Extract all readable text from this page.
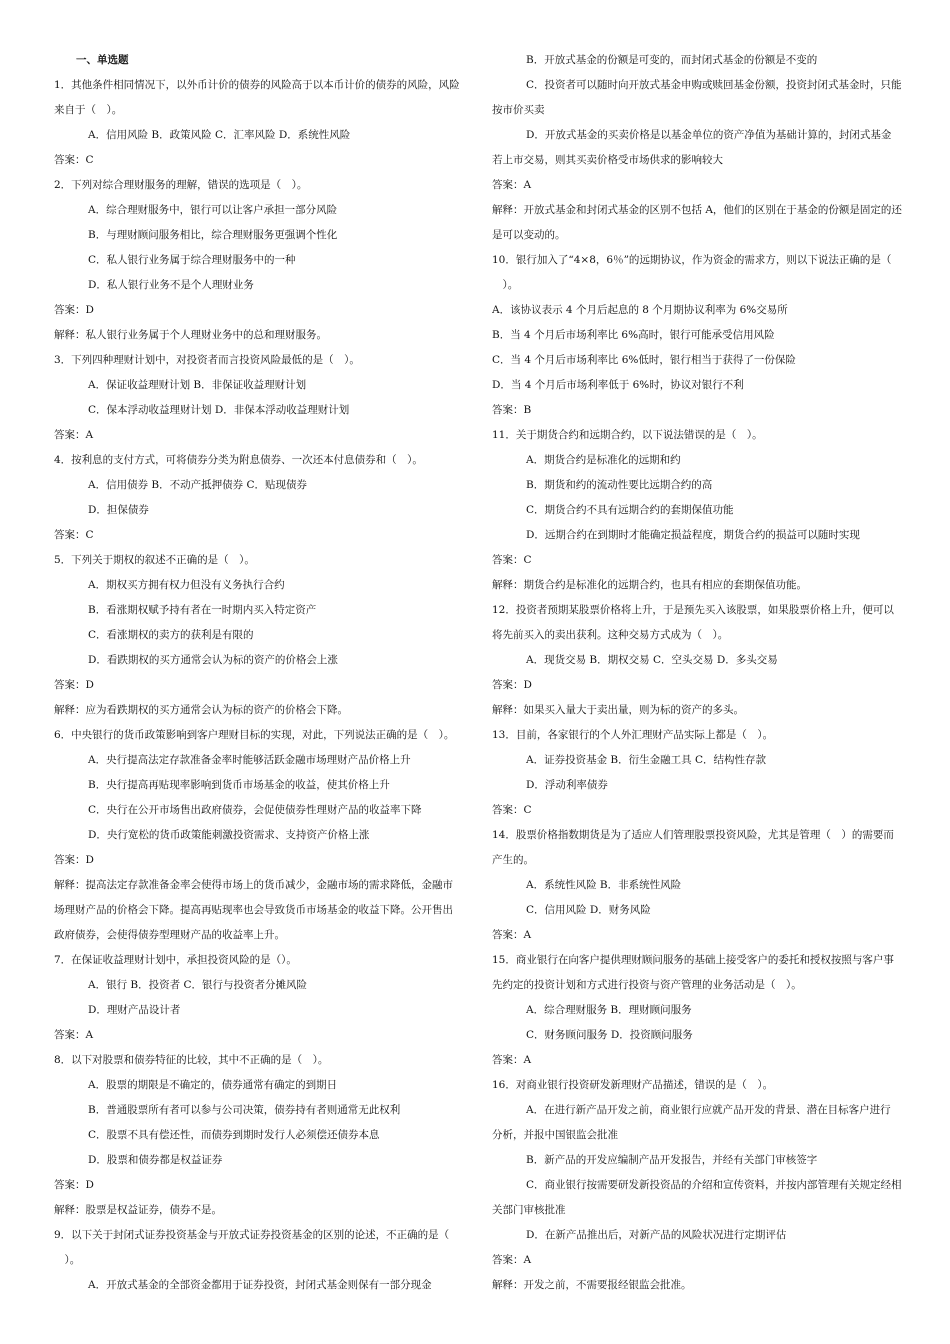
一、单选题
1．其他条件相同情况下，以外币计价的债券的风险高于以本币计价的债券的风险，风险
来自于（　）。
A．信用风险 B．政策风险 C．汇率风险 D．系统性风险
答案：C
2．下列对综合理财服务的理解，错误的选项是（　）。
A．综合理财服务中，银行可以让客户承担一部分风险
B．与理财顾问服务相比，综合理财服务更强调个性化
C．私人银行业务属于综合理财服务中的一种
D．私人银行业务不是个人理财业务
答案：D
解释：私人银行业务属于个人理财业务中的总和理财服务。
3．下列四种理财计划中，对投资者而言投资风险最低的是（　）。
A．保证收益理财计划 B．非保证收益理财计划
C．保本浮动收益理财计划 D．非保本浮动收益理财计划
答案：A
4．按利息的支付方式，可将债券分类为附息债券、一次还本付息债券和（　）。
A．信用债券 B．不动产抵押债券 C．贴现债券
D．担保债券
答案：C
5．下列关于期权的叙述不正确的是（　）。
A．期权买方拥有权力但没有义务执行合约
B．看涨期权赋予持有者在一时期内买入特定资产
C．看涨期权的卖方的获利是有限的
D．看跌期权的买方通常会认为标的资产的价格会上涨
答案：D
解释：应为看跌期权的买方通常会认为标的资产的价格会下降。
6．中央银行的货币政策影响到客户理财目标的实现，对此，下列说法正确的是（　）。
A．央行提高法定存款准备金率时能够活跃金融市场理财产品价格上升
B．央行提高再贴现率影响到货币市场基金的收益，使其价格上升
C．央行在公开市场售出政府债券，会促使债券性理财产品的收益率下降
D．央行宽松的货币政策能刺激投资需求、支持资产价格上涨
答案：D
解释：提高法定存款准备金率会使得市场上的货币减少，金融市场的需求降低，金融市
场理财产品的价格会下降。提高再贴现率也会导致货币市场基金的收益下降。公开售出
政府债券，会使得债券型理财产品的收益率上升。
7．在保证收益理财计划中，承担投资风险的是（）。
A．银行 B．投资者 C．银行与投资者分摊风险
D．理财产品设计者
答案：A
8．以下对股票和债券特征的比较，其中不正确的是（　）。
A．股票的期限是不确定的，债券通常有确定的到期日
B．普通股票所有者可以参与公司决策，债券持有者则通常无此权利
C．股票不具有偿还性，而债券到期时发行人必须偿还债券本息
D．股票和债券都是权益证券
答案：D
解释：股票是权益证券，债券不是。
9．以下关于封闭式证券投资基金与开放式证券投资基金的区别的论述，不正确的是（
　）。
A．开放式基金的全部资金都用于证券投资，封闭式基金则保有一部分现金
B．开放式基金的份额是可变的，而封闭式基金的份额是不变的
C．投资者可以随时向开放式基金申购或赎回基金份额，投资封闭式基金时，只能
按市价买卖
D．开放式基金的买卖价格是以基金单位的资产净值为基础计算的，封闭式基金
若上市交易，则其买卖价格受市场供求的影响较大
答案：A
解释：开放式基金和封闭式基金的区别不包括 A，他们的区别在于基金的份额是固定的还
是可以变动的。
10．银行加入了“4×8，6％”的远期协议，作为资金的需求方，则以下说法正确的是（
　）。
A．该协议表示 4 个月后起息的 8 个月期协议利率为 6%交易所
B．当 4 个月后市场利率比 6%高时，银行可能承受信用风险
C．当 4 个月后市场利率比 6%低时，银行相当于获得了一份保险
D．当 4 个月后市场利率低于 6%时，协议对银行不利
答案：B
11．关于期货合约和远期合约，以下说法错误的是（　）。
A．期货合约是标准化的远期和约
B．期货和约的流动性要比远期合约的高
C．期货合约不具有远期合约的套期保值功能
D．远期合约在到期时才能确定损益程度，期货合约的损益可以随时实现
答案：C
解释：期货合约是标准化的远期合约，也具有相应的套期保值功能。
12．投资者预期某股票价格将上升，于是预先买入该股票，如果股票价格上升，便可以
将先前买入的卖出获利。这种交易方式成为（　）。
A．现货交易 B．期权交易 C．空头交易 D．多头交易
答案：D
解释：如果买入量大于卖出量，则为标的资产的多头。
13．目前，各家银行的个人外汇理财产品实际上都是（　）。
A．证券投资基金 B．衍生金融工具 C．结构性存款
D．浮动利率债券
答案：C
14．股票价格指数期货是为了适应人们管理股票投资风险，尤其是管理（　）的需要而
产生的。
A．系统性风险 B．非系统性风险
C．信用风险 D．财务风险
答案：A
15．商业银行在向客户提供理财顾问服务的基础上接受客户的委托和授权按照与客户事
先约定的投资计划和方式进行投资与资产管理的业务活动是（　）。
A．综合理财服务 B．理财顾问服务
C．财务顾问服务 D．投资顾问服务
答案：A
16．对商业银行投资研发新理财产品描述，错误的是（　）。
A．在进行新产品开发之前，商业银行应就产品开发的背景、潜在目标客户进行
分析，并报中国银监会批准
B．新产品的开发应编制产品开发报告，并经有关部门审核签字
C．商业银行按需要研发新投资品的介绍和宣传资料，并按内部管理有关规定经相
关部门审核批准
D．在新产品推出后，对新产品的风险状况进行定期评估
答案：A
解释：开发之前，不需要报经银监会批准。
